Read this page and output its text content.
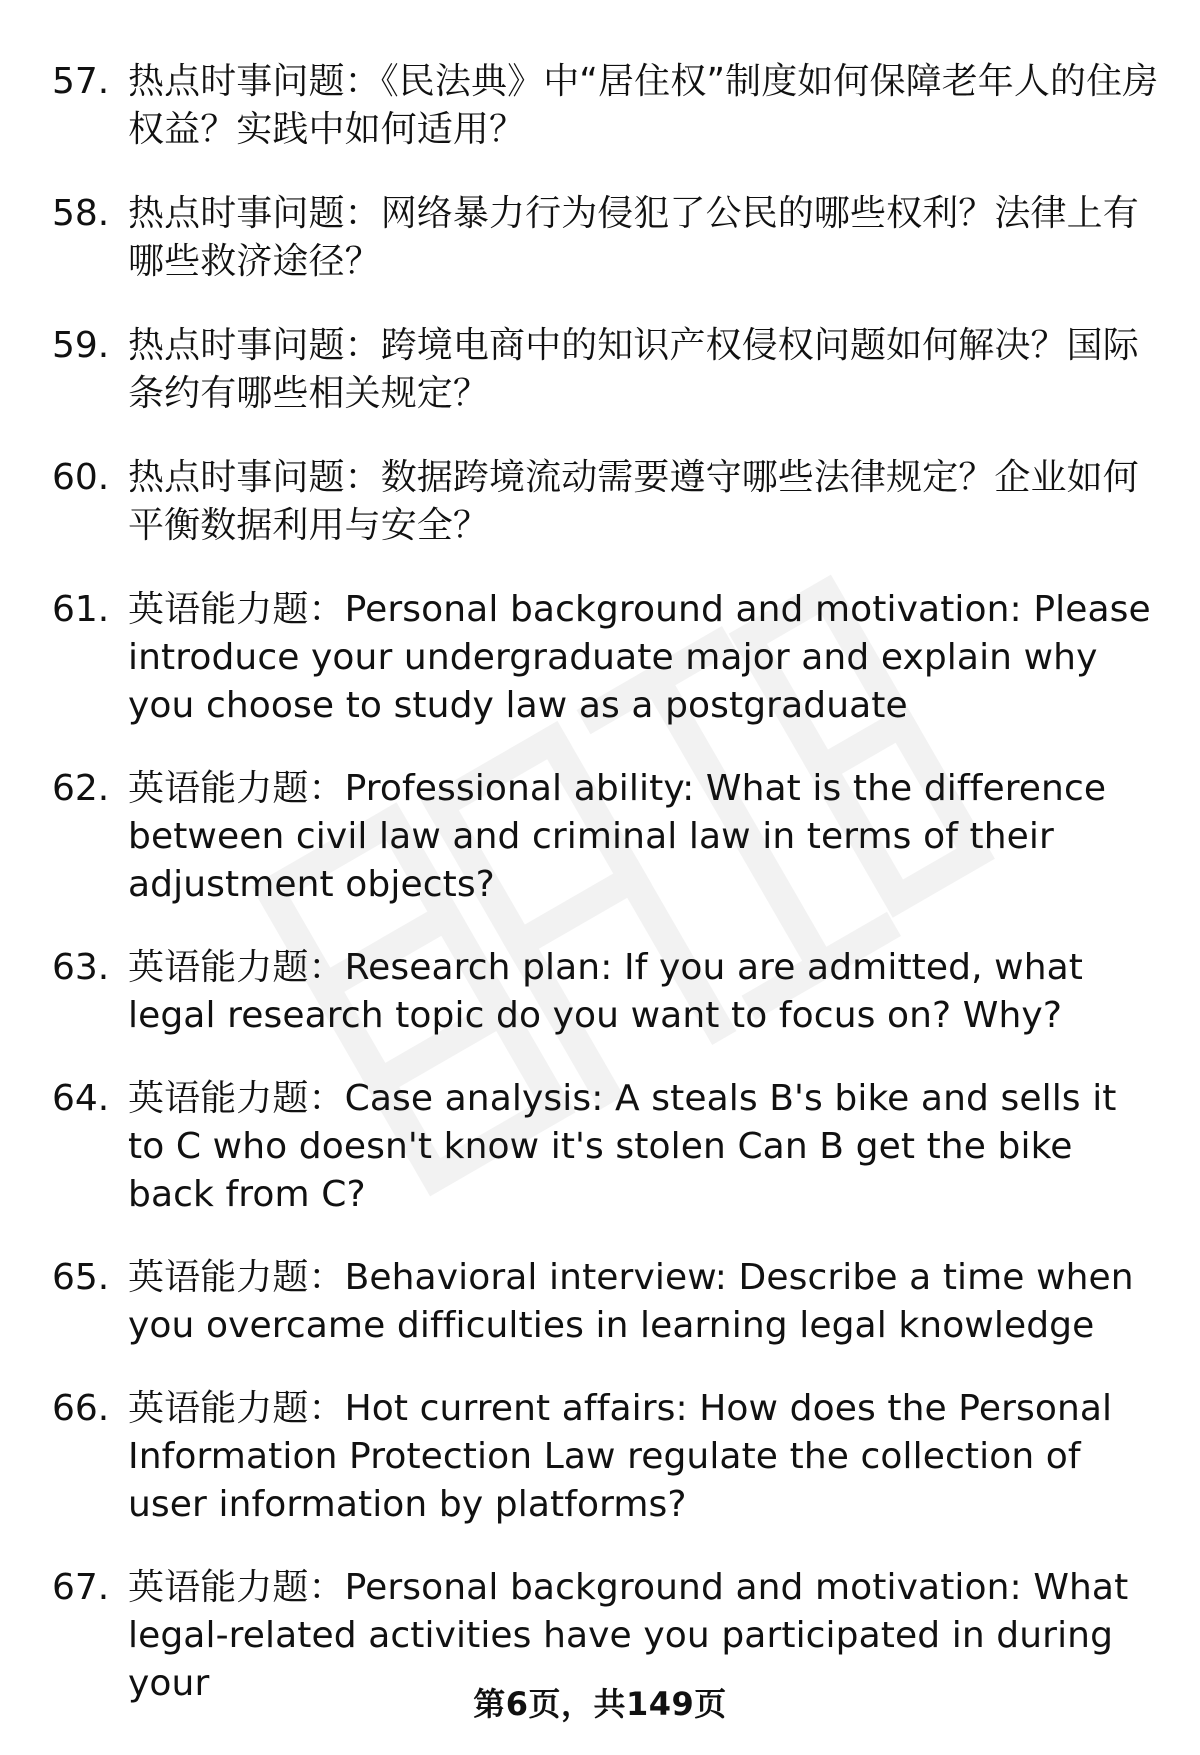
57. 热点时事问题：《民法典》中“居住权”制度如何保障老年人的住房权益？实践中如何适用？
58. 热点时事问题：网络暴力行为侵犯了公民的哪些权利？法律上有哪些救济途径？
59. 热点时事问题：跨境电商中的知识产权侵权问题如何解决？国际条约有哪些相关规定？
60. 热点时事问题：数据跨境流动需要遵守哪些法律规定？企业如何平衡数据利用与安全？
61. 英语能力题：Personal background and motivation: Please introduce your undergraduate major and explain why you choose to study law as a postgraduate
62. 英语能力题：Professional ability: What is the difference between civil law and criminal law in terms of their adjustment objects?
63. 英语能力题：Research plan: If you are admitted, what legal research topic do you want to focus on? Why?
64. 英语能力题：Case analysis: A steals B's bike and sells it to C who doesn't know it's stolen Can B get the bike back from C?
65. 英语能力题：Behavioral interview: Describe a time when you overcame difficulties in learning legal knowledge
66. 英语能力题：Hot current affairs: How does the Personal Information Protection Law regulate the collection of user information by platforms?
67. 英语能力题：Personal background and motivation: What legal-related activities have you participated in during your	第6页，共149页
